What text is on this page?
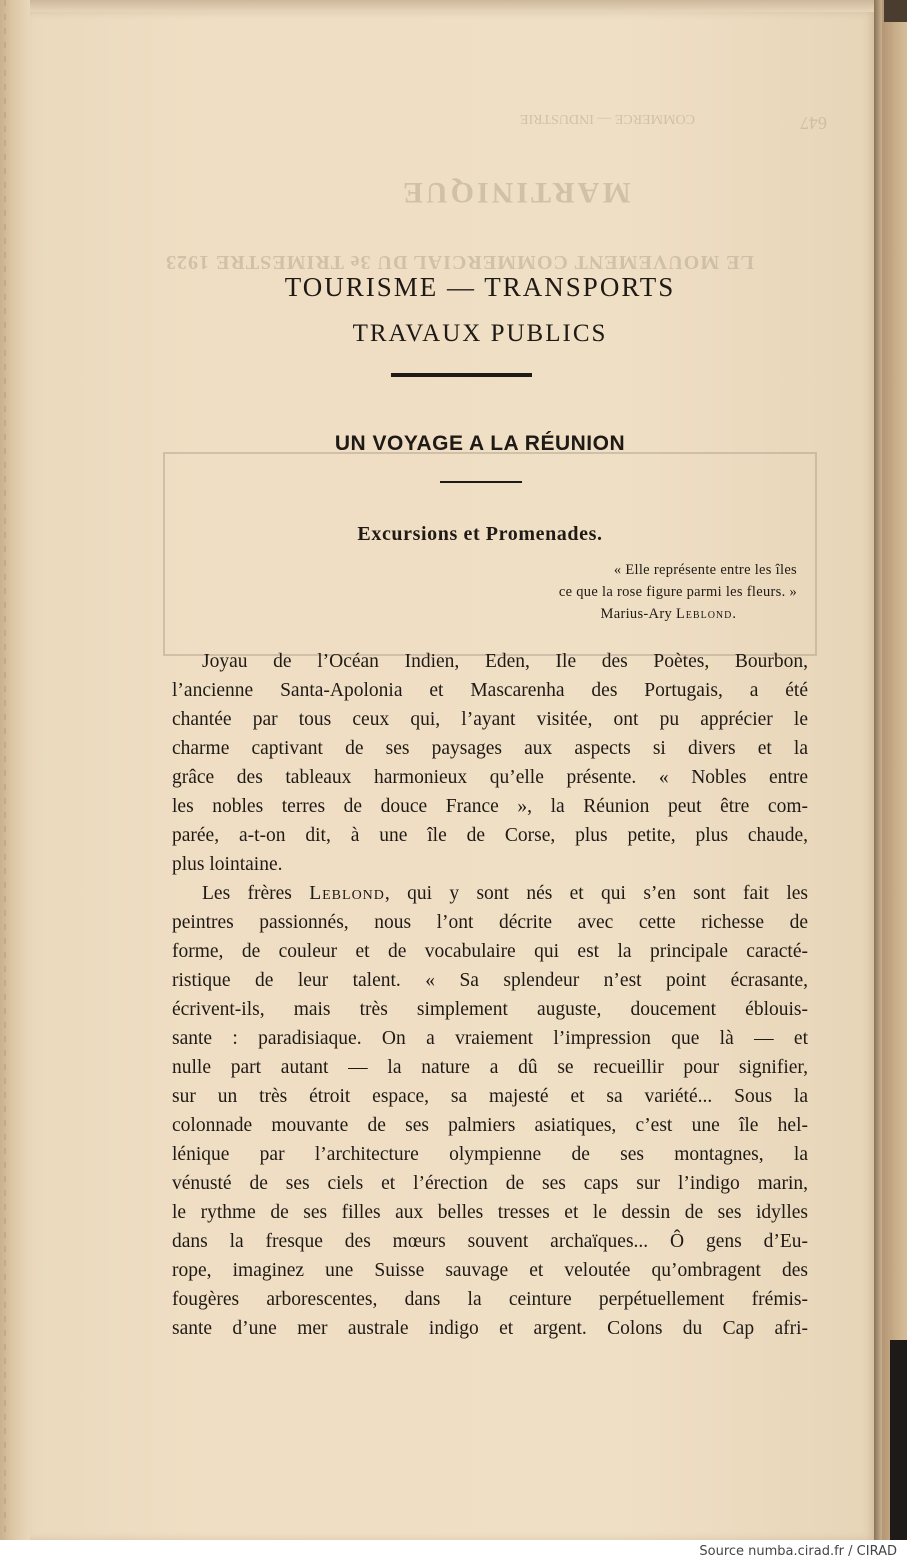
647
COMMERCE — INDUSTRIE
MARTINIQUE
LE MOUVEMENT COMMERCIAL DU 3e TRIMESTRE 1923
TOURISME — TRANSPORTS
TRAVAUX PUBLICS
UN VOYAGE A LA RÉUNION
Excursions et Promenades.
« Elle représente entre les îles
ce que la rose figure parmi les fleurs. »
Marius-Ary Leblond.
Joyau de l’Océan Indien, Eden, Ile des Poètes, Bourbon,
l’ancienne Santa-Apolonia et Mascarenha des Portugais, a été
chantée par tous ceux qui, l’ayant visitée, ont pu apprécier le
charme captivant de ses paysages aux aspects si divers et la
grâce des tableaux harmonieux qu’elle présente. « Nobles entre
les nobles terres de douce France », la Réunion peut être com-
parée, a-t-on dit, à une île de Corse, plus petite, plus chaude,
plus lointaine.
Les frères Leblond, qui y sont nés et qui s’en sont fait les
peintres passionnés, nous l’ont décrite avec cette richesse de
forme, de couleur et de vocabulaire qui est la principale caracté-
ristique de leur talent. « Sa splendeur n’est point écrasante,
écrivent-ils, mais très simplement auguste, doucement éblouis-
sante : paradisiaque. On a vraiement l’impression que là — et
nulle part autant — la nature a dû se recueillir pour signifier,
sur un très étroit espace, sa majesté et sa variété... Sous la
colonnade mouvante de ses palmiers asiatiques, c’est une île hel-
lénique par l’architecture olympienne de ses montagnes, la
vénusté de ses ciels et l’érection de ses caps sur l’indigo marin,
le rythme de ses filles aux belles tresses et le dessin de ses idylles
dans la fresque des mœurs souvent archaïques... Ô gens d’Eu-
rope, imaginez une Suisse sauvage et veloutée qu’ombragent des
fougères arborescentes, dans la ceinture perpétuellement frémis-
sante d’une mer australe indigo et argent. Colons du Cap afri-
Source numba.cirad.fr / CIRAD
